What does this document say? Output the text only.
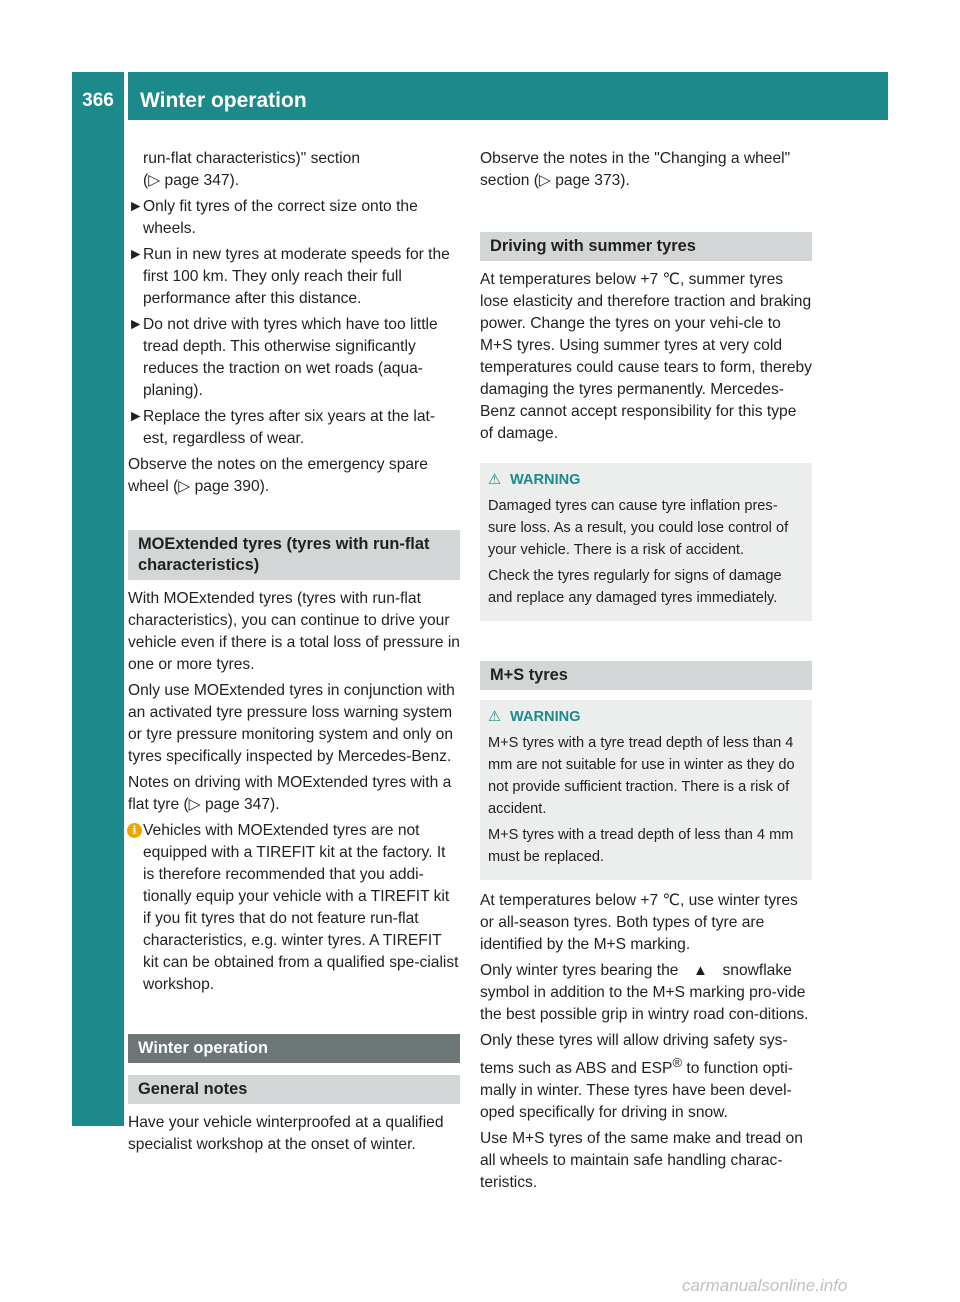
366	Winter operation
Wheels and tyres
run-flat characteristics)" section
(▷ page 347).
► Only fit tyres of the correct size onto the wheels.
► Run in new tyres at moderate speeds for the first 100 km. They only reach their full performance after this distance.
► Do not drive with tyres which have too little tread depth. This otherwise significantly reduces the traction on wet roads (aqua-planing).
► Replace the tyres after six years at the lat-est, regardless of wear.

Observe the notes on the emergency spare wheel (▷ page 390).

MOExtended tyres (tyres with run-flat characteristics)

With MOExtended tyres (tyres with run-flat characteristics), you can continue to drive your vehicle even if there is a total loss of pressure in one or more tyres.

Only use MOExtended tyres in conjunction with an activated tyre pressure loss warning system or tyre pressure monitoring system and only on tyres specifically inspected by Mercedes-Benz.

Notes on driving with MOExtended tyres with a flat tyre (▷ page 347).

i Vehicles with MOExtended tyres are not equipped with a TIREFIT kit at the factory. It is therefore recommended that you addi-tionally equip your vehicle with a TIREFIT kit if you fit tyres that do not feature run-flat characteristics, e.g. winter tyres. A TIREFIT kit can be obtained from a qualified spe-cialist workshop.
Winter operation
General notes

Have your vehicle winterproofed at a qualified specialist workshop at the onset of winter.

Observe the notes in the "Changing a wheel" section (▷ page 373).

Driving with summer tyres

At temperatures below +7 ℃, summer tyres lose elasticity and therefore traction and braking power. Change the tyres on your vehi-cle to M+S tyres. Using summer tyres at very cold temperatures could cause tears to form, thereby damaging the tyres permanently. Mercedes-Benz cannot accept responsibility for this type of damage.

⚠ WARNING

Damaged tyres can cause tyre inflation pres-sure loss. As a result, you could lose control of your vehicle. There is a risk of accident.

Check the tyres regularly for signs of damage and replace any damaged tyres immediately.

M+S tyres
⚠ WARNING

M+S tyres with a tyre tread depth of less than 4 mm are not suitable for use in winter as they do not provide sufficient traction. There is a risk of accident.

M+S tyres with a tread depth of less than 4 mm must be replaced.

At temperatures below +7 ℃, use winter tyres or all-season tyres. Both types of tyre are identified by the M+S marking.

Only winter tyres bearing the ▲ snowflake symbol in addition to the M+S marking pro-vide the best possible grip in wintry road con-ditions.

Only these tyres will allow driving safety sys-tems such as ABS and ESP® to function opti-mally in winter. These tyres have been devel-oped specifically for driving in snow.

Use M+S tyres of the same make and tread on all wheels to maintain safe handling charac-teristics.

carmanualsonline.info
